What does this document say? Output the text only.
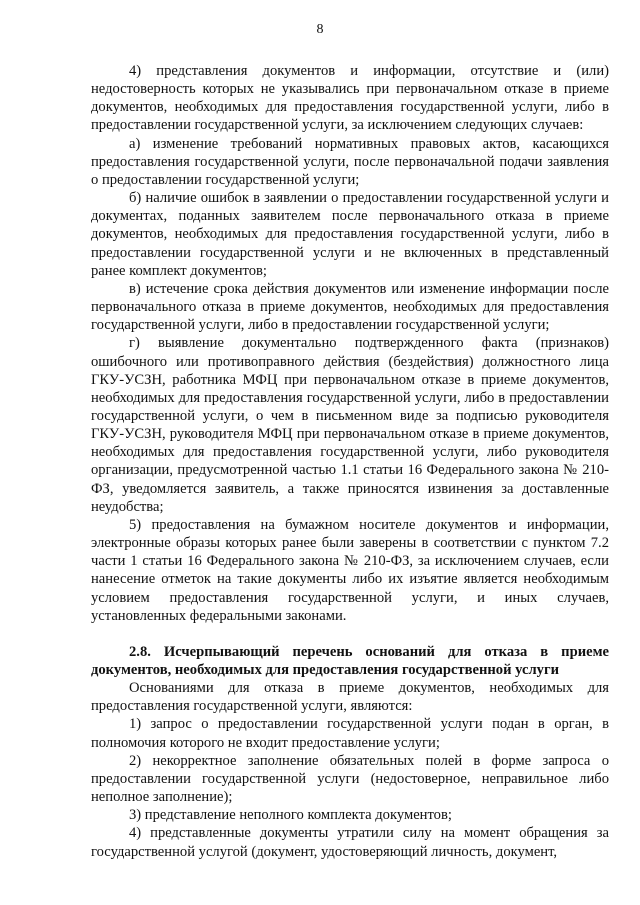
8

4) представления документов и информации, отсутствие и (или) недостоверность которых не указывались при первоначальном отказе в приеме документов, необходимых для предоставления государственной услуги, либо в предоставлении государственной услуги, за исключением следующих случаев:

а) изменение требований нормативных правовых актов, касающихся предоставления государственной услуги, после первоначальной подачи заявления о предоставлении государственной услуги;

б) наличие ошибок в заявлении о предоставлении государственной услуги и документах, поданных заявителем после первоначального отказа в приеме документов, необходимых для предоставления государственной услуги, либо в предоставлении государственной услуги и не включенных в представленный ранее комплект документов;

в) истечение срока действия документов или изменение информации после первоначального отказа в приеме документов, необходимых для предоставления государственной услуги, либо в предоставлении государственной услуги;

г) выявление документально подтвержденного факта (признаков) ошибочного или противоправного действия (бездействия) должностного лица ГКУ-УСЗН, работника МФЦ при первоначальном отказе в приеме документов, необходимых для предоставления государственной услуги, либо в предоставлении государственной услуги, о чем в письменном виде за подписью руководителя ГКУ-УСЗН, руководителя МФЦ при первоначальном отказе в приеме документов, необходимых для предоставления государственной услуги, либо руководителя организации, предусмотренной частью 1.1 статьи 16 Федерального закона № 210-ФЗ, уведомляется заявитель, а также приносятся извинения за доставленные неудобства;

5) предоставления на бумажном носителе документов и информации, электронные образы которых ранее были заверены в соответствии с пунктом 7.2 части 1 статьи 16 Федерального закона № 210-ФЗ, за исключением случаев, если нанесение отметок на такие документы либо их изъятие является необходимым условием предоставления государственной услуги, и иных случаев, установленных федеральными законами.

2.8. Исчерпывающий перечень оснований для отказа в приеме документов, необходимых для предоставления государственной услуги

Основаниями для отказа в приеме документов, необходимых для предоставления государственной услуги, являются:

1) запрос о предоставлении государственной услуги подан в орган, в полномочия которого не входит предоставление услуги;

2) некорректное заполнение обязательных полей в форме запроса о предоставлении государственной услуги (недостоверное, неправильное либо неполное заполнение);

3) представление неполного комплекта документов;

4) представленные документы утратили силу на момент обращения за государственной услугой (документ, удостоверяющий личность, документ,
